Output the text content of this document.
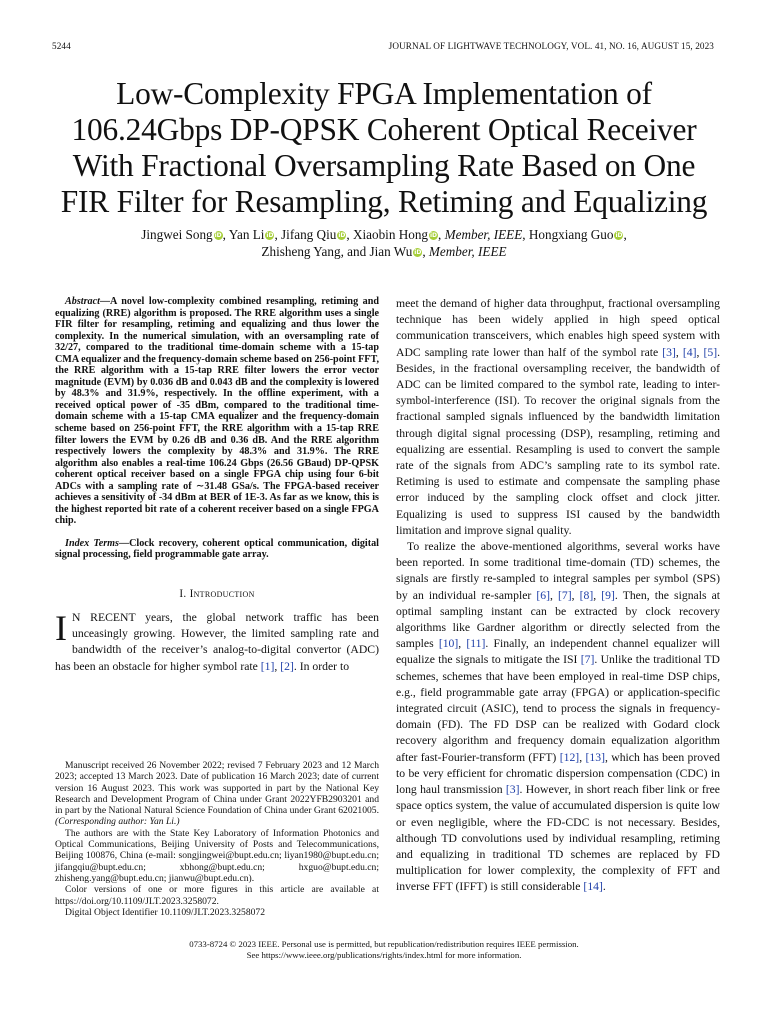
5244	JOURNAL OF LIGHTWAVE TECHNOLOGY, VOL. 41, NO. 16, AUGUST 15, 2023
Low-Complexity FPGA Implementation of
106.24Gbps DP-QPSK Coherent Optical Receiver
With Fractional Oversampling Rate Based on One
FIR Filter for Resampling, Retiming and Equalizing
Jingwei Song iD, Yan Li iD, Jifang Qiu iD, Xiaobin Hong iD, Member, IEEE, Hongxiang Guo iD,
Zhisheng Yang, and Jian Wu iD, Member, IEEE

Abstract—A novel low-complexity combined resampling, retiming and equalizing (RRE) algorithm is proposed. The RRE algorithm uses a single FIR filter for resampling, retiming and equalizing and thus lower the complexity. In the numerical simulation, with an oversampling rate of 32/27, compared to the traditional time-domain scheme with a 15-tap CMA equalizer and the frequency-domain scheme based on 256-point FFT, the RRE algorithm with a 15-tap RRE filter lowers the error vector magnitude (EVM) by 0.036 dB and 0.043 dB and the complexity is lowered by 48.3% and 31.9%, respectively. In the offline experiment, with a received optical power of -35 dBm, compared to the traditional time-domain scheme with a 15-tap CMA equalizer and the frequency-domain scheme based on 256-point FFT, the RRE algorithm with a 15-tap RRE filter lowers the EVM by 0.26 dB and 0.36 dB. And the RRE algorithm respectively lowers the complexity by 48.3% and 31.9%. The RRE algorithm also enables a real-time 106.24 Gbps (26.56 GBaud) DP-QPSK coherent optical receiver based on a single FPGA chip using four 6-bit ADCs with a sampling rate of ∼31.48 GSa/s. The FPGA-based receiver achieves a sensitivity of -34 dBm at BER of 1E-3. As far as we know, this is the highest reported bit rate of a coherent receiver based on a single FPGA chip.

Index Terms—Clock recovery, coherent optical communication, digital signal processing, field programmable gate array.

I. Introduction

I N RECENT years, the global network traffic has been unceasingly growing. However, the limited sampling rate and bandwidth of the receiver’s analog-to-digital convertor (ADC) has been an obstacle for higher symbol rate [1], [2]. In order to

Manuscript received 26 November 2022; revised 7 February 2023 and 12 March 2023; accepted 13 March 2023. Date of publication 16 March 2023; date of current version 16 August 2023. This work was supported in part by the National Key Research and Development Program of China under Grant 2022YFB2903201 and in part by the National Natural Science Foundation of China under Grant 62021005. (Corresponding author: Yan Li.)

The authors are with the State Key Laboratory of Information Photonics and Optical Communications, Beijing University of Posts and Telecommunications, Beijing 100876, China (e-mail: songjingwei@bupt.edu.cn; liyan1980@bupt.edu.cn; jifangqiu@bupt.edu.cn; xbhong@bupt.edu.cn; hxguo@bupt.edu.cn; zhisheng.yang@bupt.edu.cn; jianwu@bupt.edu.cn).

Color versions of one or more figures in this article are available at https://doi.org/10.1109/JLT.2023.3258072.

Digital Object Identifier 10.1109/JLT.2023.3258072

meet the demand of higher data throughput, fractional oversampling technique has been widely applied in high speed optical communication transceivers, which enables high speed system with ADC sampling rate lower than half of the symbol rate [3], [4], [5]. Besides, in the fractional oversampling receiver, the bandwidth of ADC can be limited compared to the symbol rate, leading to inter-symbol-interference (ISI). To recover the original signals from the fractional sampled signals influenced by the bandwidth limitation through digital signal processing (DSP), resampling, retiming and equalizing are essential. Resampling is used to convert the sample rate of the signals from ADC’s sampling rate to its symbol rate. Retiming is used to estimate and compensate the sampling phase error induced by the sampling clock offset and clock jitter. Equalizing is used to suppress ISI caused by the bandwidth limitation and improve signal quality.

To realize the above-mentioned algorithms, several works have been reported. In some traditional time-domain (TD) schemes, the signals are firstly re-sampled to integral samples per symbol (SPS) by an individual re-sampler [6], [7], [8], [9]. Then, the signals at optimal sampling instant can be extracted by clock recovery algorithms like Gardner algorithm or directly selected from the samples [10], [11]. Finally, an independent channel equalizer will equalize the signals to mitigate the ISI [7]. Unlike the traditional TD schemes, schemes that have been employed in real-time DSP chips, e.g., field programmable gate array (FPGA) or application-specific integrated circuit (ASIC), tend to process the signals in frequency-domain (FD). The FD DSP can be realized with Godard clock recovery algorithm and frequency domain equalization algorithm after fast-Fourier-transform (FFT) [12], [13], which has been proved to be very efficient for chromatic dispersion compensation (CDC) in long haul transmission [3]. However, in short reach fiber link or free space optics system, the value of accumulated dispersion is quite low or even negligible, where the FD-CDC is not necessary. Besides, although TD convolutions used by individual resampling, retiming and equalizing in traditional TD schemes are replaced by FD multiplication for lower complexity, the complexity of FFT and inverse FFT (IFFT) is still considerable [14].

0733-8724 © 2023 IEEE. Personal use is permitted, but republication/redistribution requires IEEE permission.
See https://www.ieee.org/publications/rights/index.html for more information.
